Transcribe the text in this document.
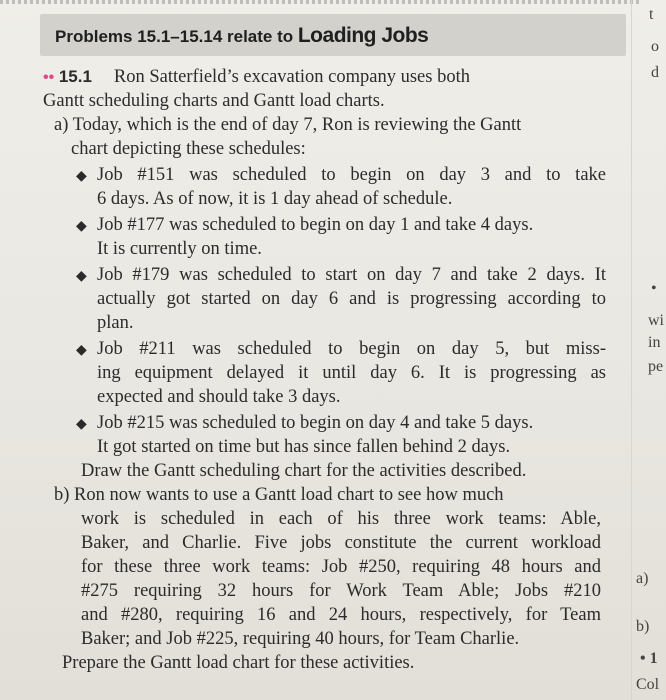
Problems 15.1–15.14 relate to Loading Jobs
•• 15.1 Ron Satterfield’s excavation company uses both
Gantt scheduling charts and Gantt load charts.
a) Today, which is the end of day 7, Ron is reviewing the Gantt
chart depicting these schedules:
◆ Job #151 was scheduled to begin on day 3 and to take
6 days. As of now, it is 1 day ahead of schedule.
◆ Job #177 was scheduled to begin on day 1 and take 4 days.
It is currently on time.
◆ Job #179 was scheduled to start on day 7 and take 2 days. It
actually got started on day 6 and is progressing according to
plan.
◆ Job #211 was scheduled to begin on day 5, but miss-
ing equipment delayed it until day 6. It is progressing as
expected and should take 3 days.
◆ Job #215 was scheduled to begin on day 4 and take 5 days.
It got started on time but has since fallen behind 2 days.
Draw the Gantt scheduling chart for the activities described.
b) Ron now wants to use a Gantt load chart to see how much
work is scheduled in each of his three work teams: Able,
Baker, and Charlie. Five jobs constitute the current workload
for these three work teams: Job #250, requiring 48 hours and
#275 requiring 32 hours for Work Team Able; Jobs #210
and #280, requiring 16 and 24 hours, respectively, for Team
Baker; and Job #225, requiring 40 hours, for Team Charlie.
Prepare the Gantt load chart for these activities.
t
o
d
•
wi
in
pe
a)
b)
• 1
Col
